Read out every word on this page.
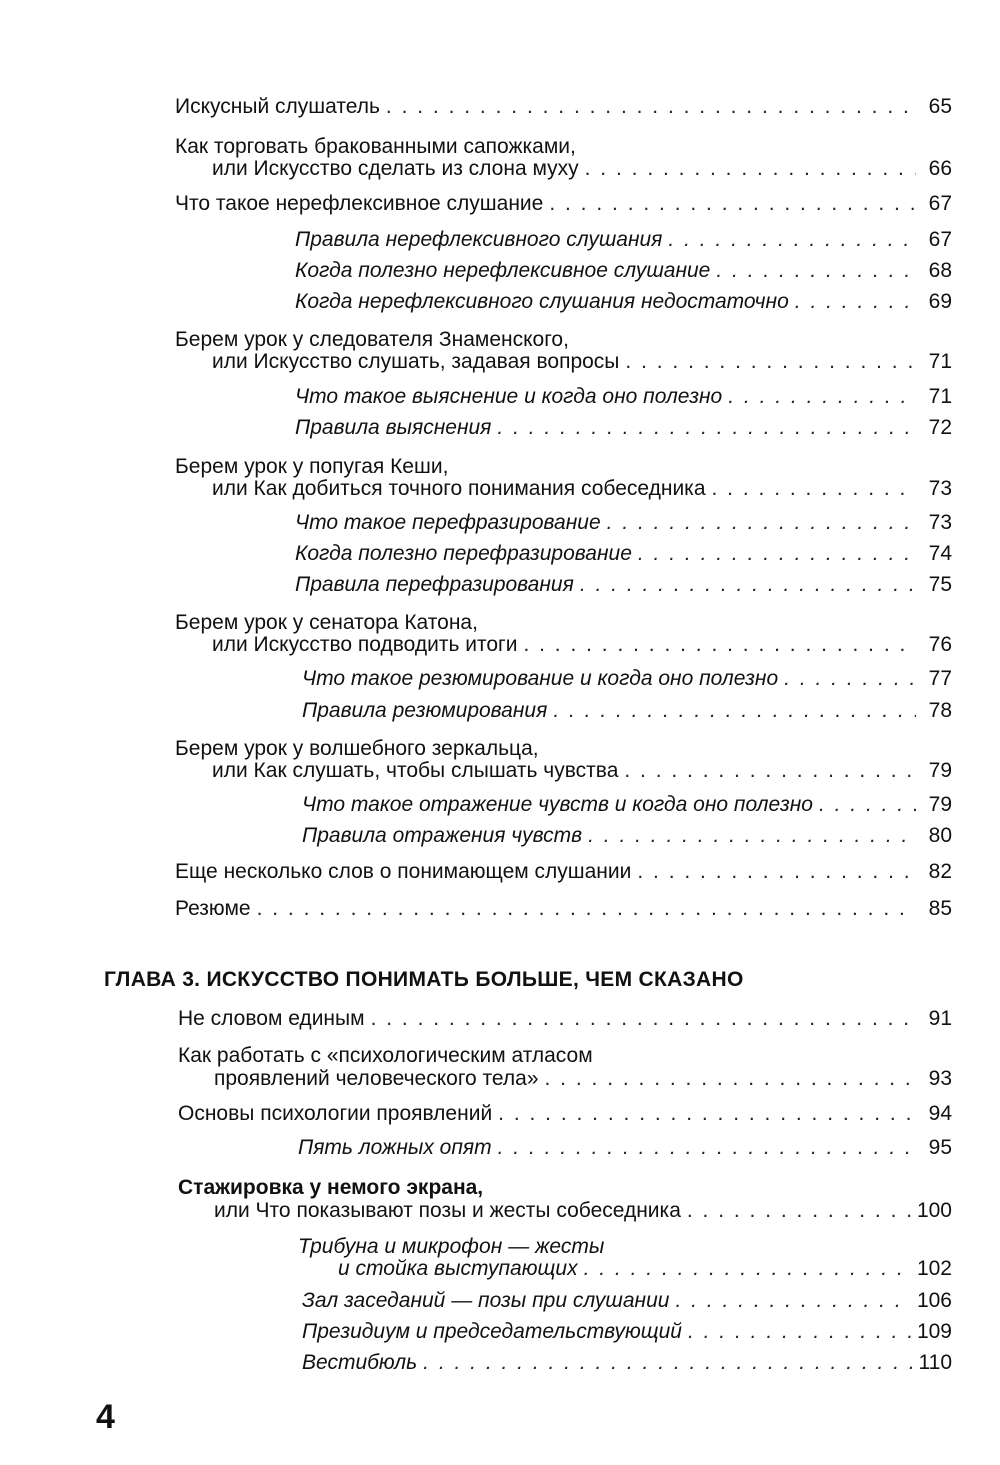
Искусный слушатель . . .	65
Как торговать бракованными сапожками,
или Искусство сделать из слона муху . . .	66
Что такое нерефлексивное слушание . . .	67
Правила нерефлексивного слушания . . .	67
Когда полезно нерефлексивное слушание . . .	68
Когда нерефлексивного слушания недостаточно . . .	69
Берем урок у следователя Знаменского,
или Искусство слушать, задавая вопросы . . .	71
Что такое выяснение и когда оно полезно . . .	71
Правила выяснения . . .	72
Берем урок у попугая Кеши,
или Как добиться точного понимания собеседника . . .	73
Что такое перефразирование . . .	73
Когда полезно перефразирование . . .	74
Правила перефразирования . . .	75
Берем урок у сенатора Катона,
или Искусство подводить итоги . . .	76
Что такое резюмирование и когда оно полезно . . .	77
Правила резюмирования . . .	78
Берем урок у волшебного зеркальца,
или Как слушать, чтобы слышать чувства . . .	79
Что такое отражение чувств и когда оно полезно . . .	79
Правила отражения чувств . . .	80
Еще несколько слов о понимающем слушании . . .	82
Резюме . . .	85
ГЛАВА 3. ИСКУССТВО ПОНИМАТЬ БОЛЬШЕ, ЧЕМ СКАЗАНО
Не словом единым . . .	91
Как работать с «психологическим атласом
проявлений человеческого тела» . . .	93
Основы психологии проявлений . . .	94
Пять ложных опят . . .	95
Стажировка у немого экрана,
или Что показывают позы и жесты собеседника . . .	100
Трибуна и микрофон — жесты
и стойка выступающих . . .	102
Зал заседаний — позы при слушании . . .	106
Президиум и председательствующий . . .	109
Вестибюль . . .	110
4
